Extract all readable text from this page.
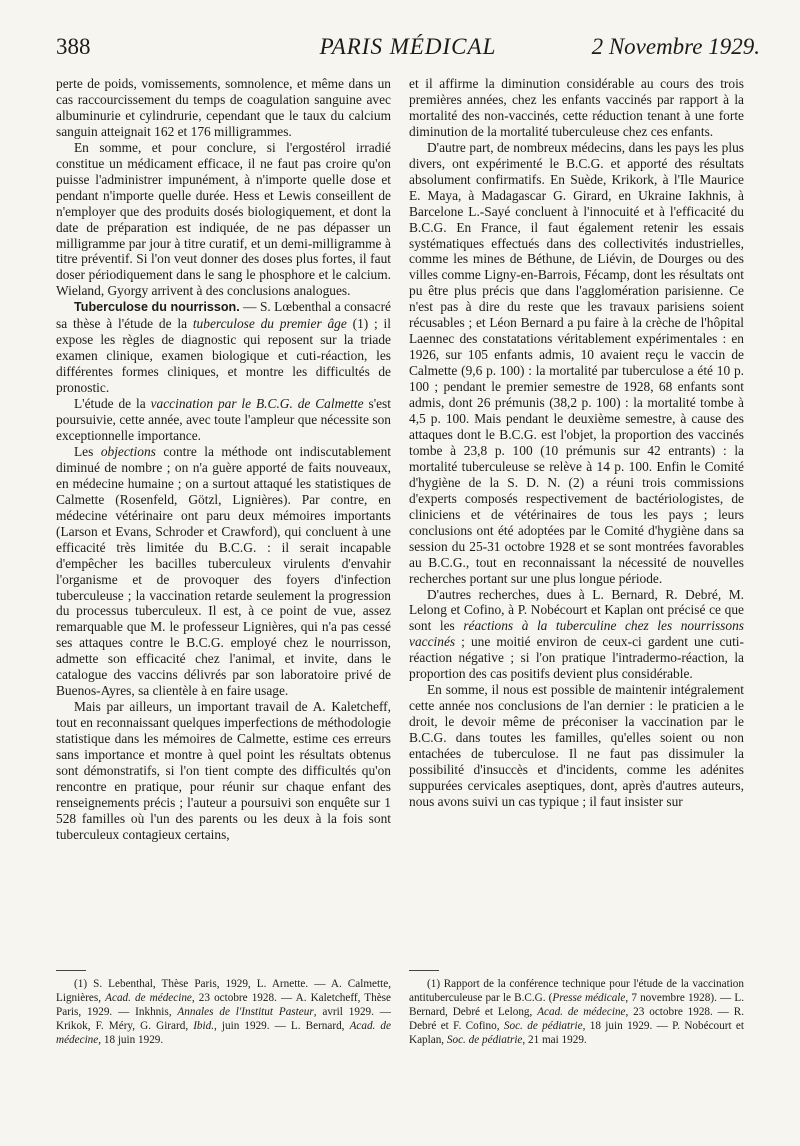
388	PARIS MÉDICAL	2 Novembre 1929.

perte de poids, vomissements, somnolence, et même dans un cas raccourcissement du temps de coagulation sanguine avec albuminurie et cylindrurie, cependant que le taux du calcium sanguin atteignait 162 et 176 milligrammes.

En somme, et pour conclure, si l'ergostérol irradié constitue un médicament efficace, il ne faut pas croire qu'on puisse l'administrer impunément, à n'importe quelle dose et pendant n'importe quelle durée. Hess et Lewis conseillent de n'employer que des produits dosés biologiquement, et dont la date de préparation est indiquée, de ne pas dépasser un milligramme par jour à titre curatif, et un demi-milligramme à titre préventif. Si l'on veut donner des doses plus fortes, il faut doser périodiquement dans le sang le phosphore et le calcium. Wieland, Gyorgy arrivent à des conclusions analogues.

Tuberculose du nourrisson. — S. Lœbenthal a consacré sa thèse à l'étude de la tuberculose du premier âge (1) ; il expose les règles de diagnostic qui reposent sur la triade examen clinique, examen biologique et cuti-réaction, les différentes formes cliniques, et montre les difficultés de pronostic.

L'étude de la vaccination par le B.C.G. de Calmette s'est poursuivie, cette année, avec toute l'ampleur que nécessite son exceptionnelle importance.

Les objections contre la méthode ont indiscutablement diminué de nombre ; on n'a guère apporté de faits nouveaux, en médecine humaine ; on a surtout attaqué les statistiques de Calmette (Rosenfeld, Götzl, Lignières). Par contre, en médecine vétérinaire ont paru deux mémoires importants (Larson et Evans, Schroder et Crawford), qui concluent à une efficacité très limitée du B.C.G. : il serait incapable d'empêcher les bacilles tuberculeux virulents d'envahir l'organisme et de provoquer des foyers d'infection tuberculeuse ; la vaccination retarde seulement la progression du processus tuberculeux. Il est, à ce point de vue, assez remarquable que M. le professeur Lignières, qui n'a pas cessé ses attaques contre le B.C.G. employé chez le nourrisson, admette son efficacité chez l'animal, et invite, dans le catalogue des vaccins délivrés par son laboratoire privé de Buenos-Ayres, sa clientèle à en faire usage.

Mais par ailleurs, un important travail de A. Kaletcheff, tout en reconnaissant quelques imperfections de méthodologie statistique dans les mémoires de Calmette, estime ces erreurs sans importance et montre à quel point les résultats obtenus sont démonstratifs, si l'on tient compte des difficultés qu'on rencontre en pratique, pour réunir sur chaque enfant des renseignements précis ; l'auteur a poursuivi son enquête sur 1 528 familles où l'un des parents ou les deux à la fois sont tuberculeux contagieux certains,

et il affirme la diminution considérable au cours des trois premières années, chez les enfants vaccinés par rapport à la mortalité des non-vaccinés, cette réduction tenant à une forte diminution de la mortalité tuberculeuse chez ces enfants.

D'autre part, de nombreux médecins, dans les pays les plus divers, ont expérimenté le B.C.G. et apporté des résultats absolument confirmatifs. En Suède, Krikork, à l'Ile Maurice E. Maya, à Madagascar G. Girard, en Ukraine Iakhnis, à Barcelone L.-Sayé concluent à l'innocuité et à l'efficacité du B.C.G. En France, il faut également retenir les essais systématiques effectués dans des collectivités industrielles, comme les mines de Béthune, de Liévin, de Dourges ou des villes comme Ligny-en-Barrois, Fécamp, dont les résultats ont pu être plus précis que dans l'agglomération parisienne. Ce n'est pas à dire du reste que les travaux parisiens soient récusables ; et Léon Bernard a pu faire à la crèche de l'hôpital Laennec des constatations véritablement expérimentales : en 1926, sur 105 enfants admis, 10 avaient reçu le vaccin de Calmette (9,6 p. 100) : la mortalité par tuberculose a été 10 p. 100 ; pendant le premier semestre de 1928, 68 enfants sont admis, dont 26 prémunis (38,2 p. 100) : la mortalité tombe à 4,5 p. 100. Mais pendant le deuxième semestre, à cause des attaques dont le B.C.G. est l'objet, la proportion des vaccinés tombe à 23,8 p. 100 (10 prémunis sur 42 entrants) : la mortalité tuberculeuse se relève à 14 p. 100. Enfin le Comité d'hygiène de la S. D. N. (2) a réuni trois commissions d'experts composés respectivement de bactériologistes, de cliniciens et de vétérinaires de tous les pays ; leurs conclusions ont été adoptées par le Comité d'hygiène dans sa session du 25-31 octobre 1928 et se sont montrées favorables au B.C.G., tout en reconnaissant la nécessité de nouvelles recherches portant sur une plus longue période.

D'autres recherches, dues à L. Bernard, R. Debré, M. Lelong et Cofino, à P. Nobécourt et Kaplan ont précisé ce que sont les réactions à la tuberculine chez les nourrissons vaccinés ; une moitié environ de ceux-ci gardent une cuti-réaction négative ; si l'on pratique l'intradermo-réaction, la proportion des cas positifs devient plus considérable.

En somme, il nous est possible de maintenir intégralement cette année nos conclusions de l'an dernier : le praticien a le droit, le devoir même de préconiser la vaccination par le B.C.G. dans toutes les familles, qu'elles soient ou non entachées de tuberculose. Il ne faut pas dissimuler la possibilité d'insuccès et d'incidents, comme les adénites suppurées cervicales aseptiques, dont, après d'autres auteurs, nous avons suivi un cas typique ; il faut insister sur

(1) S. Lebenthal, Thèse Paris, 1929, L. Arnette. — A. Calmette, Lignières, Acad. de médecine, 23 octobre 1928. — A. Kaletcheff, Thèse Paris, 1929. — Inkhnis, Annales de l'Institut Pasteur, avril 1929. — Krikok, F. Méry, G. Girard, Ibid., juin 1929. — L. Bernard, Acad. de médecine, 18 juin 1929.

(1) Rapport de la conférence technique pour l'étude de la vaccination antituberculeuse par le B.C.G. (Presse médicale, 7 novembre 1928). — L. Bernard, Debré et Lelong, Acad. de médecine, 23 octobre 1928. — R. Debré et F. Cofino, Soc. de pédiatrie, 18 juin 1929. — P. Nobécourt et Kaplan, Soc. de pédiatrie, 21 mai 1929.
